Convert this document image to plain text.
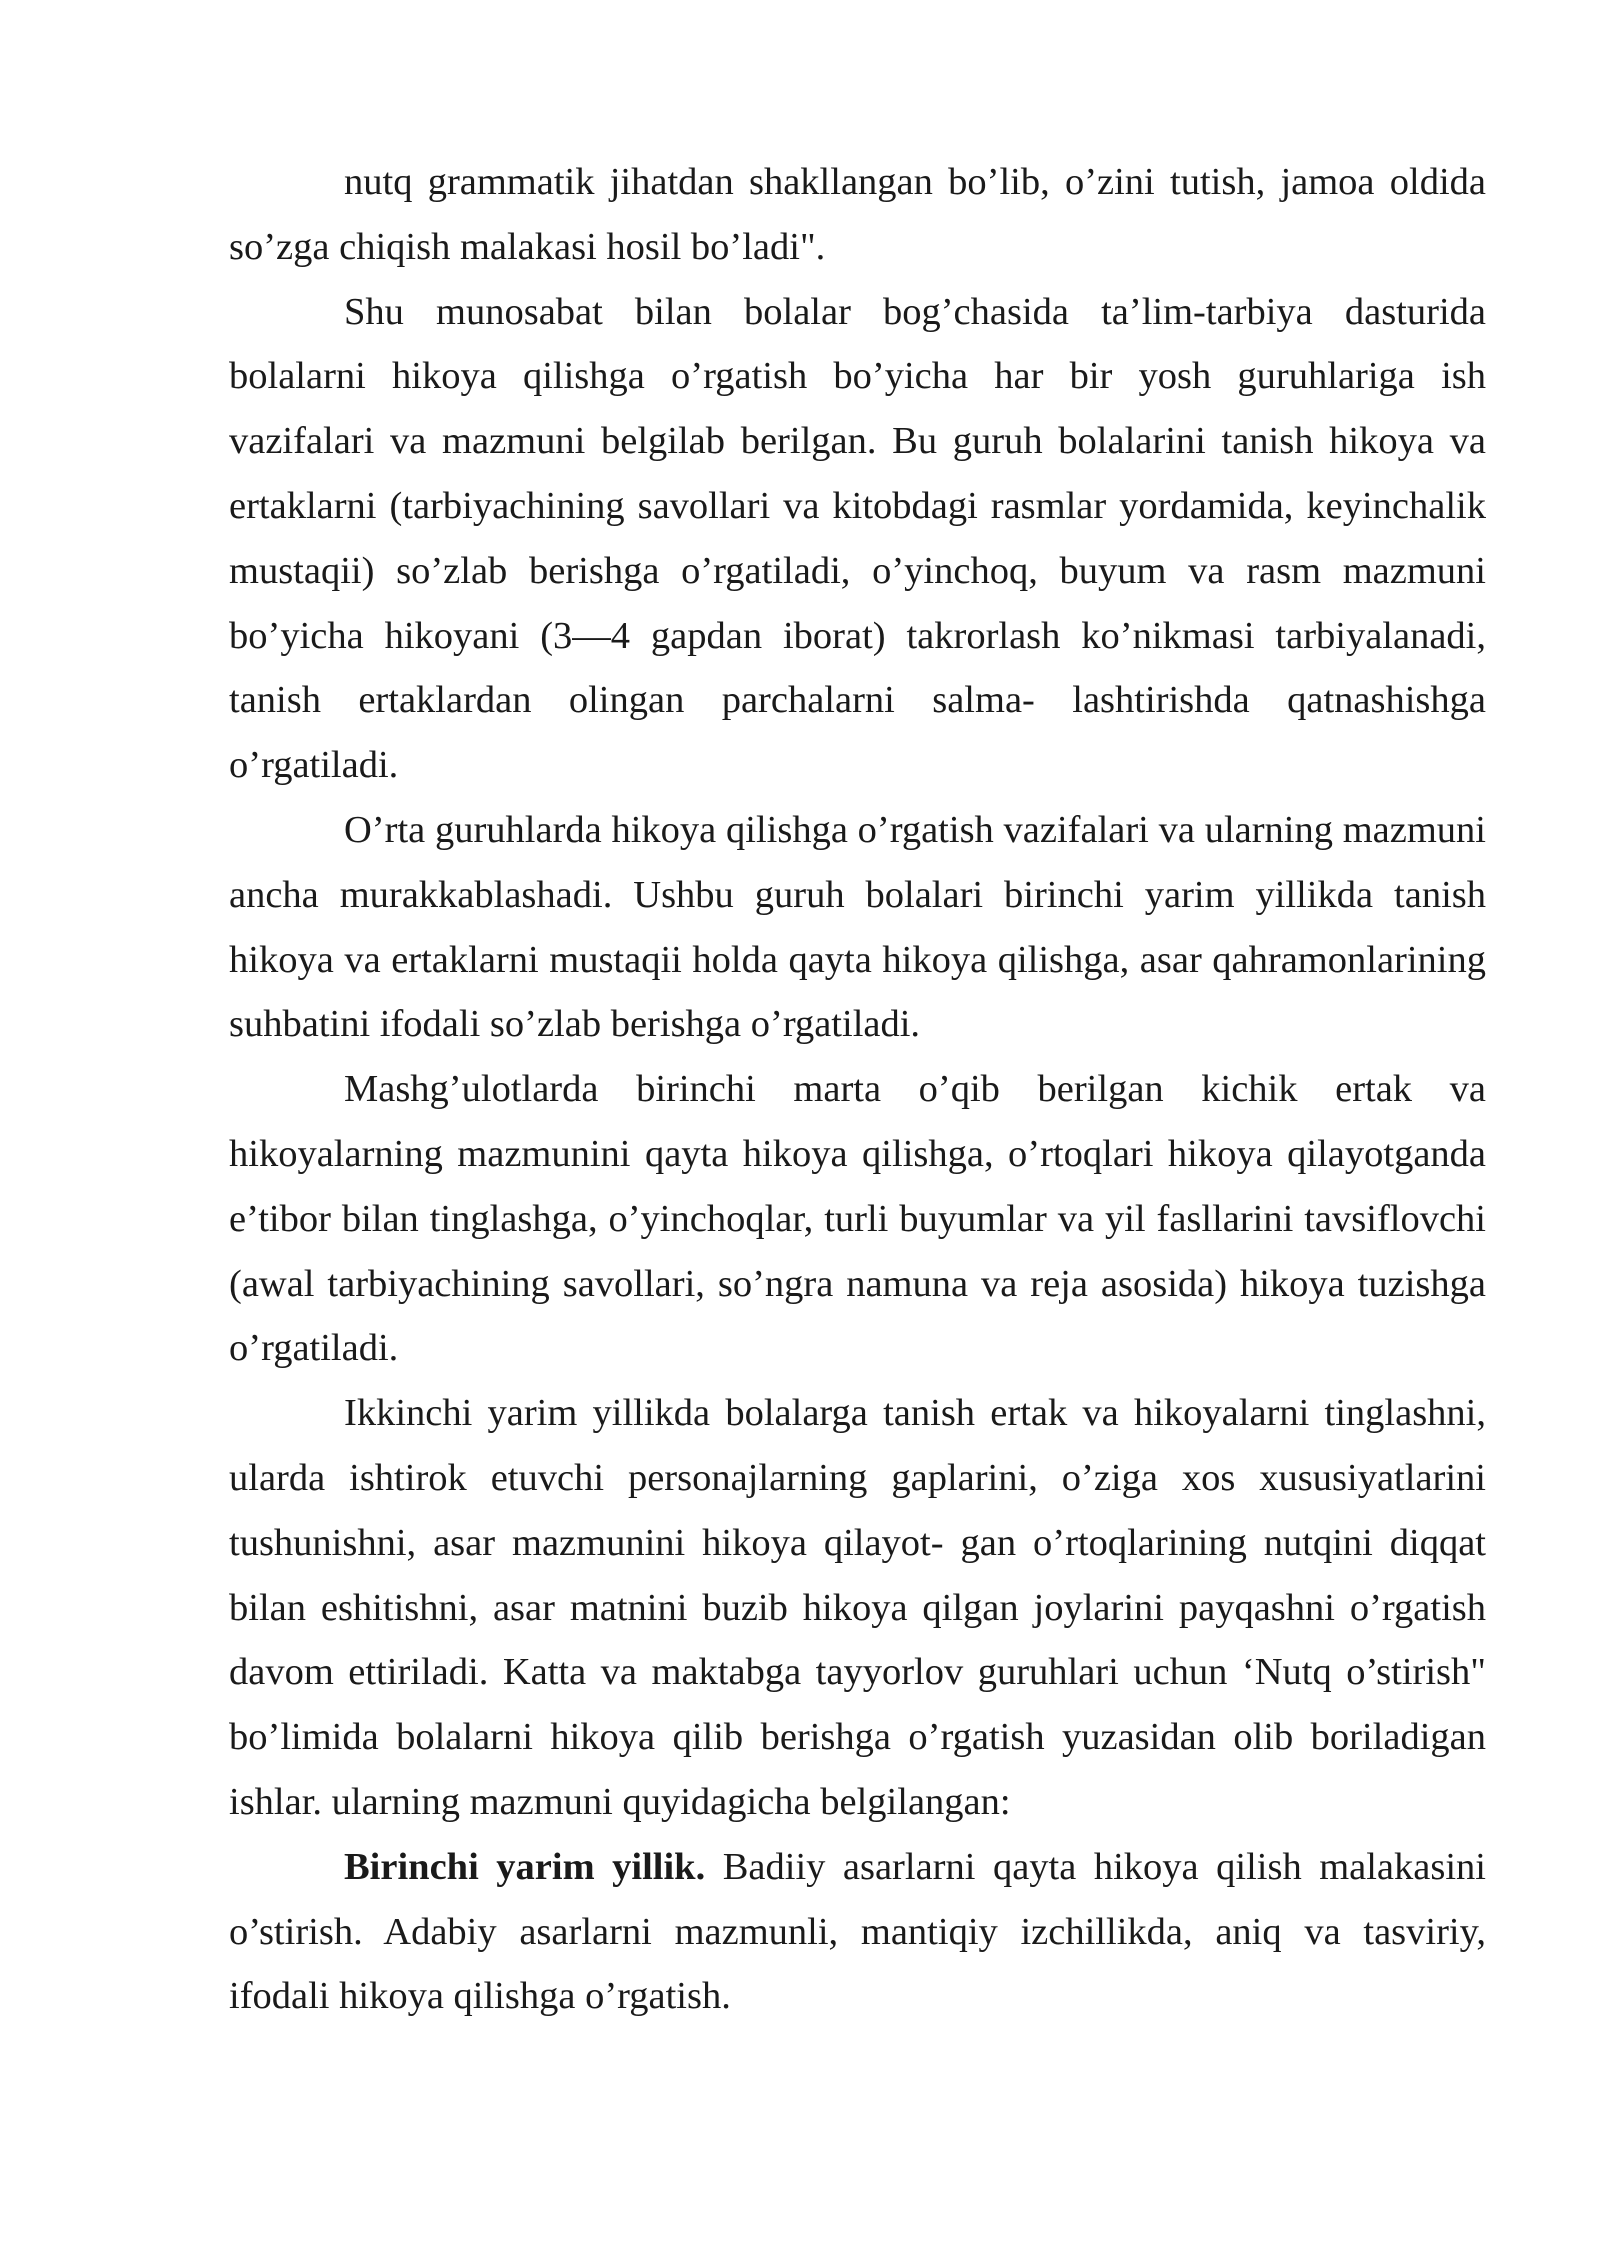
nutq grammatik jihatdan shakllangan bo’lib, o’zini tutish, jamoa oldida so’zga chiqish malakasi hosil bo’ladi".

Shu munosabat bilan bolalar bog’chasida ta’lim-tarbiya dasturida bolalarni hikoya qilishga o’rgatish bo’yicha har bir yosh guruhlariga ish vazifalari va mazmuni belgilab berilgan. Bu guruh bolalarini tanish hikoya va ertaklarni (tarbiyachining savollari va kitobdagi rasmlar yordamida, keyinchalik mustaqii) so’zlab berishga o’rgatiladi, o’yinchoq, buyum va rasm mazmuni bo’yicha hikoyani (3—4 gapdan iborat) takrorlash ko’nikmasi tarbiyalanadi, tanish ertaklardan olingan parchalarni salma- lashtirishda qatnashishga o’rgatiladi.

O’rta guruhlarda hikoya qilishga o’rgatish vazifalari va ularning mazmuni ancha murakkablashadi. Ushbu guruh bolalari birinchi yarim yillikda tanish hikoya va ertaklarni mustaqii holda qayta hikoya qilishga, asar qahramonlarining suhbatini ifodali so’zlab berishga o’rgatiladi.

Mashg’ulotlarda birinchi marta o’qib berilgan kichik ertak va hikoyalarning mazmunini qayta hikoya qilishga, o’rtoqlari hikoya qilayotganda e’tibor bilan tinglashga, o’yinchoqlar, turli buyumlar va yil fasllarini tavsiflovchi (awal tarbiyachining savollari, so’ngra namuna va reja asosida) hikoya tuzishga o’rgatiladi.

Ikkinchi yarim yillikda bolalarga tanish ertak va hikoyalarni tinglashni, ularda ishtirok etuvchi personajlarning gaplarini, o’ziga xos xususiyatlarini tushunishni, asar mazmunini hikoya qilayot- gan o’rtoqlarining nutqini diqqat bilan eshitishni, asar matnini buzib hikoya qilgan joylarini payqashni o’rgatish davom ettiriladi. Katta va maktabga tayyorlov guruhlari uchun ‘Nutq o’stirish" bo’limida bolalarni hikoya qilib berishga o’rgatish yuzasidan olib boriladigan ishlar. ularning mazmuni quyidagicha belgilangan:

Birinchi yarim yillik. Badiiy asarlarni qayta hikoya qilish malakasini o’stirish. Adabiy asarlarni mazmunli, mantiqiy izchillikda, aniq va tasviriy, ifodali hikoya qilishga o’rgatish.
